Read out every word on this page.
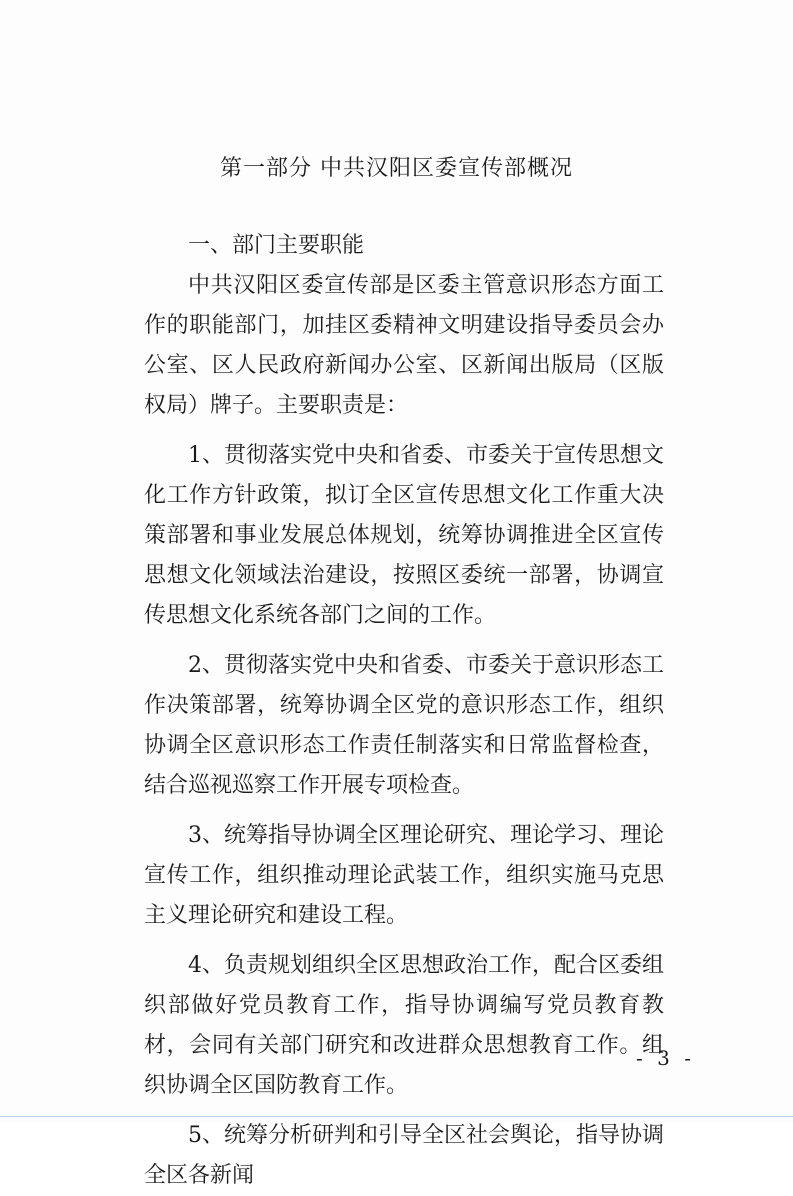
第一部分 中共汉阳区委宣传部概况

一、部门主要职能

中共汉阳区委宣传部是区委主管意识形态方面工作的职能部门，加挂区委精神文明建设指导委员会办公室、区人民政府新闻办公室、区新闻出版局（区版权局）牌子。主要职责是：

1、贯彻落实党中央和省委、市委关于宣传思想文化工作方针政策，拟订全区宣传思想文化工作重大决策部署和事业发展总体规划，统筹协调推进全区宣传思想文化领域法治建设，按照区委统一部署，协调宣传思想文化系统各部门之间的工作。

2、贯彻落实党中央和省委、市委关于意识形态工作决策部署，统筹协调全区党的意识形态工作，组织协调全区意识形态工作责任制落实和日常监督检查，结合巡视巡察工作开展专项检查。

3、统筹指导协调全区理论研究、理论学习、理论宣传工作，组织推动理论武装工作，组织实施马克思主义理论研究和建设工程。

4、负责规划组织全区思想政治工作，配合区委组织部做好党员教育工作，指导协调编写党员教育教材，会同有关部门研究和改进群众思想教育工作。组织协调全区国防教育工作。

5、统筹分析研判和引导全区社会舆论，指导协调全区各新闻

- 3 -
